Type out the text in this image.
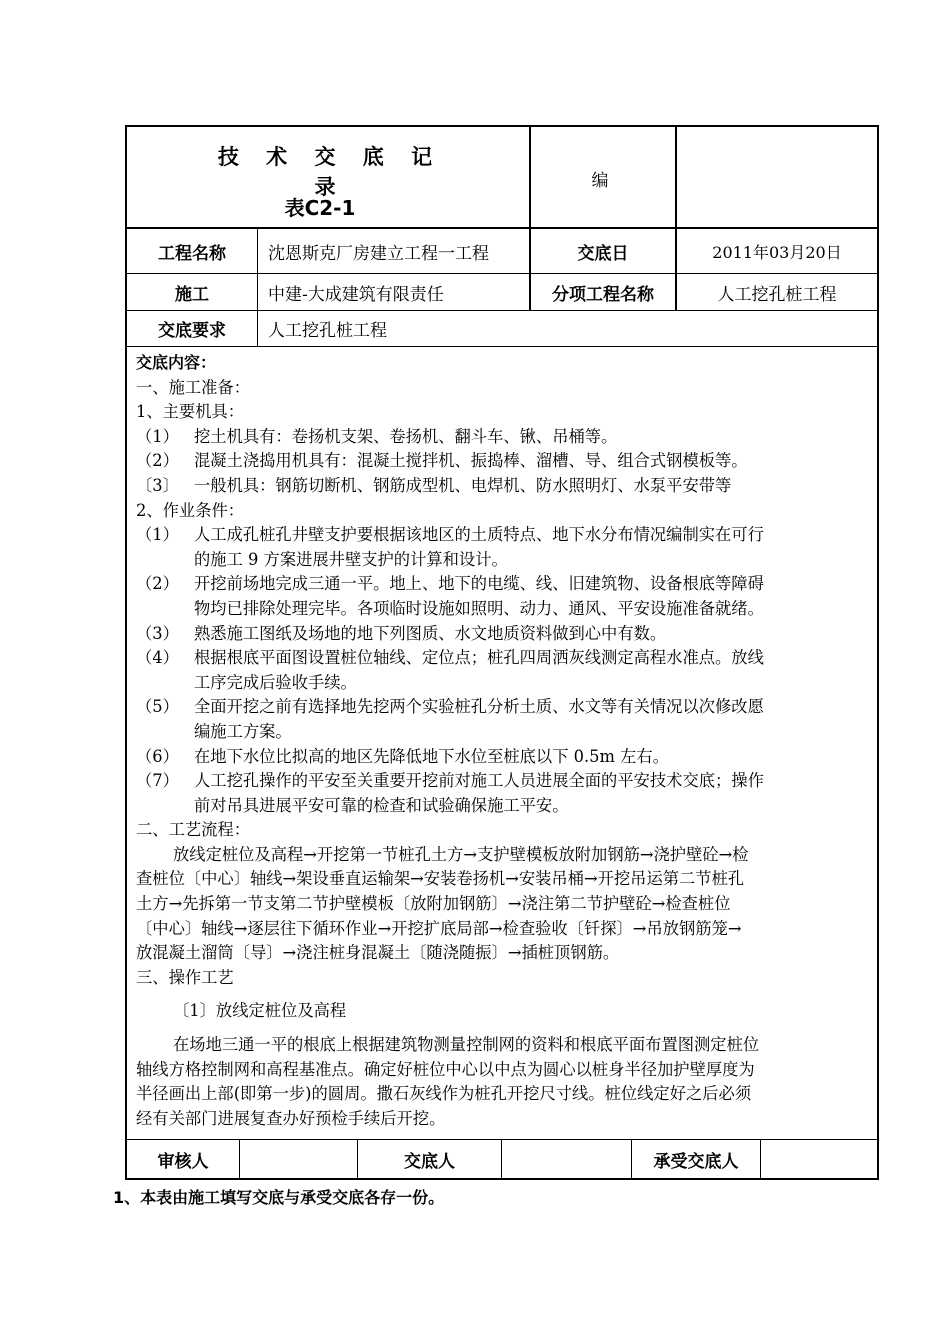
技 术 交 底 记 录
表C2-1
编
工程名称	沈恩斯克厂房建立工程一工程	交底日	2011年03月20日
施工	中建-大成建筑有限责任	分项工程名称	人工挖孔桩工程
交底要求	人工挖孔桩工程
交底内容：
一、施工准备：
1、主要机具：
（1） 挖土机具有：卷扬机支架、卷扬机、翻斗车、锹、吊桶等。
（2） 混凝土浇捣用机具有：混凝土搅拌机、振捣棒、溜槽、导、组合式钢模板等。
〔3〕 一般机具：钢筋切断机、钢筋成型机、电焊机、防水照明灯、水泵平安带等
2、作业条件：
（1） 人工成孔桩孔井壁支护要根据该地区的土质特点、地下水分布情况编制实在可行
的施工 9 方案进展井壁支护的计算和设计。
（2） 开挖前场地完成三通一平。地上、地下的电缆、线、旧建筑物、设备根底等障碍
物均已排除处理完毕。各项临时设施如照明、动力、通风、平安设施准备就绪。
（3） 熟悉施工图纸及场地的地下列图质、水文地质资料做到心中有数。
（4） 根据根底平面图设置桩位轴线、定位点；桩孔四周洒灰线测定高程水准点。放线
工序完成后验收手续。
（5） 全面开挖之前有选择地先挖两个实验桩孔分析土质、水文等有关情况以次修改愿
编施工方案。
（6） 在地下水位比拟高的地区先降低地下水位至桩底以下 0.5m 左右。
（7） 人工挖孔操作的平安至关重要开挖前对施工人员进展全面的平安技术交底；操作
前对吊具进展平安可靠的检查和试验确保施工平安。
二、工艺流程：
放线定桩位及高程→开挖第一节桩孔土方→支护壁模板放附加钢筋→浇护壁砼→检
查桩位〔中心〕轴线→架设垂直运输架→安装卷扬机→安装吊桶→开挖吊运第二节桩孔
土方→先拆第一节支第二节护壁模板〔放附加钢筋〕→浇注第二节护壁砼→检查桩位
〔中心〕轴线→逐层往下循环作业→开挖扩底局部→检查验收〔钎探〕→吊放钢筋笼→
放混凝土溜筒〔导〕→浇注桩身混凝土〔随浇随振〕→插桩顶钢筋。
三、操作工艺
〔1〕放线定桩位及高程
在场地三通一平的根底上根据建筑物测量控制网的资料和根底平面布置图测定桩位
轴线方格控制网和高程基准点。确定好桩位中心以中点为圆心以桩身半径加护壁厚度为
半径画出上部(即第一步)的圆周。撒石灰线作为桩孔开挖尺寸线。桩位线定好之后必须
经有关部门进展复查办好预检手续后开挖。
审核人	交底人	承受交底人
1、本表由施工填写交底与承受交底各存一份。
